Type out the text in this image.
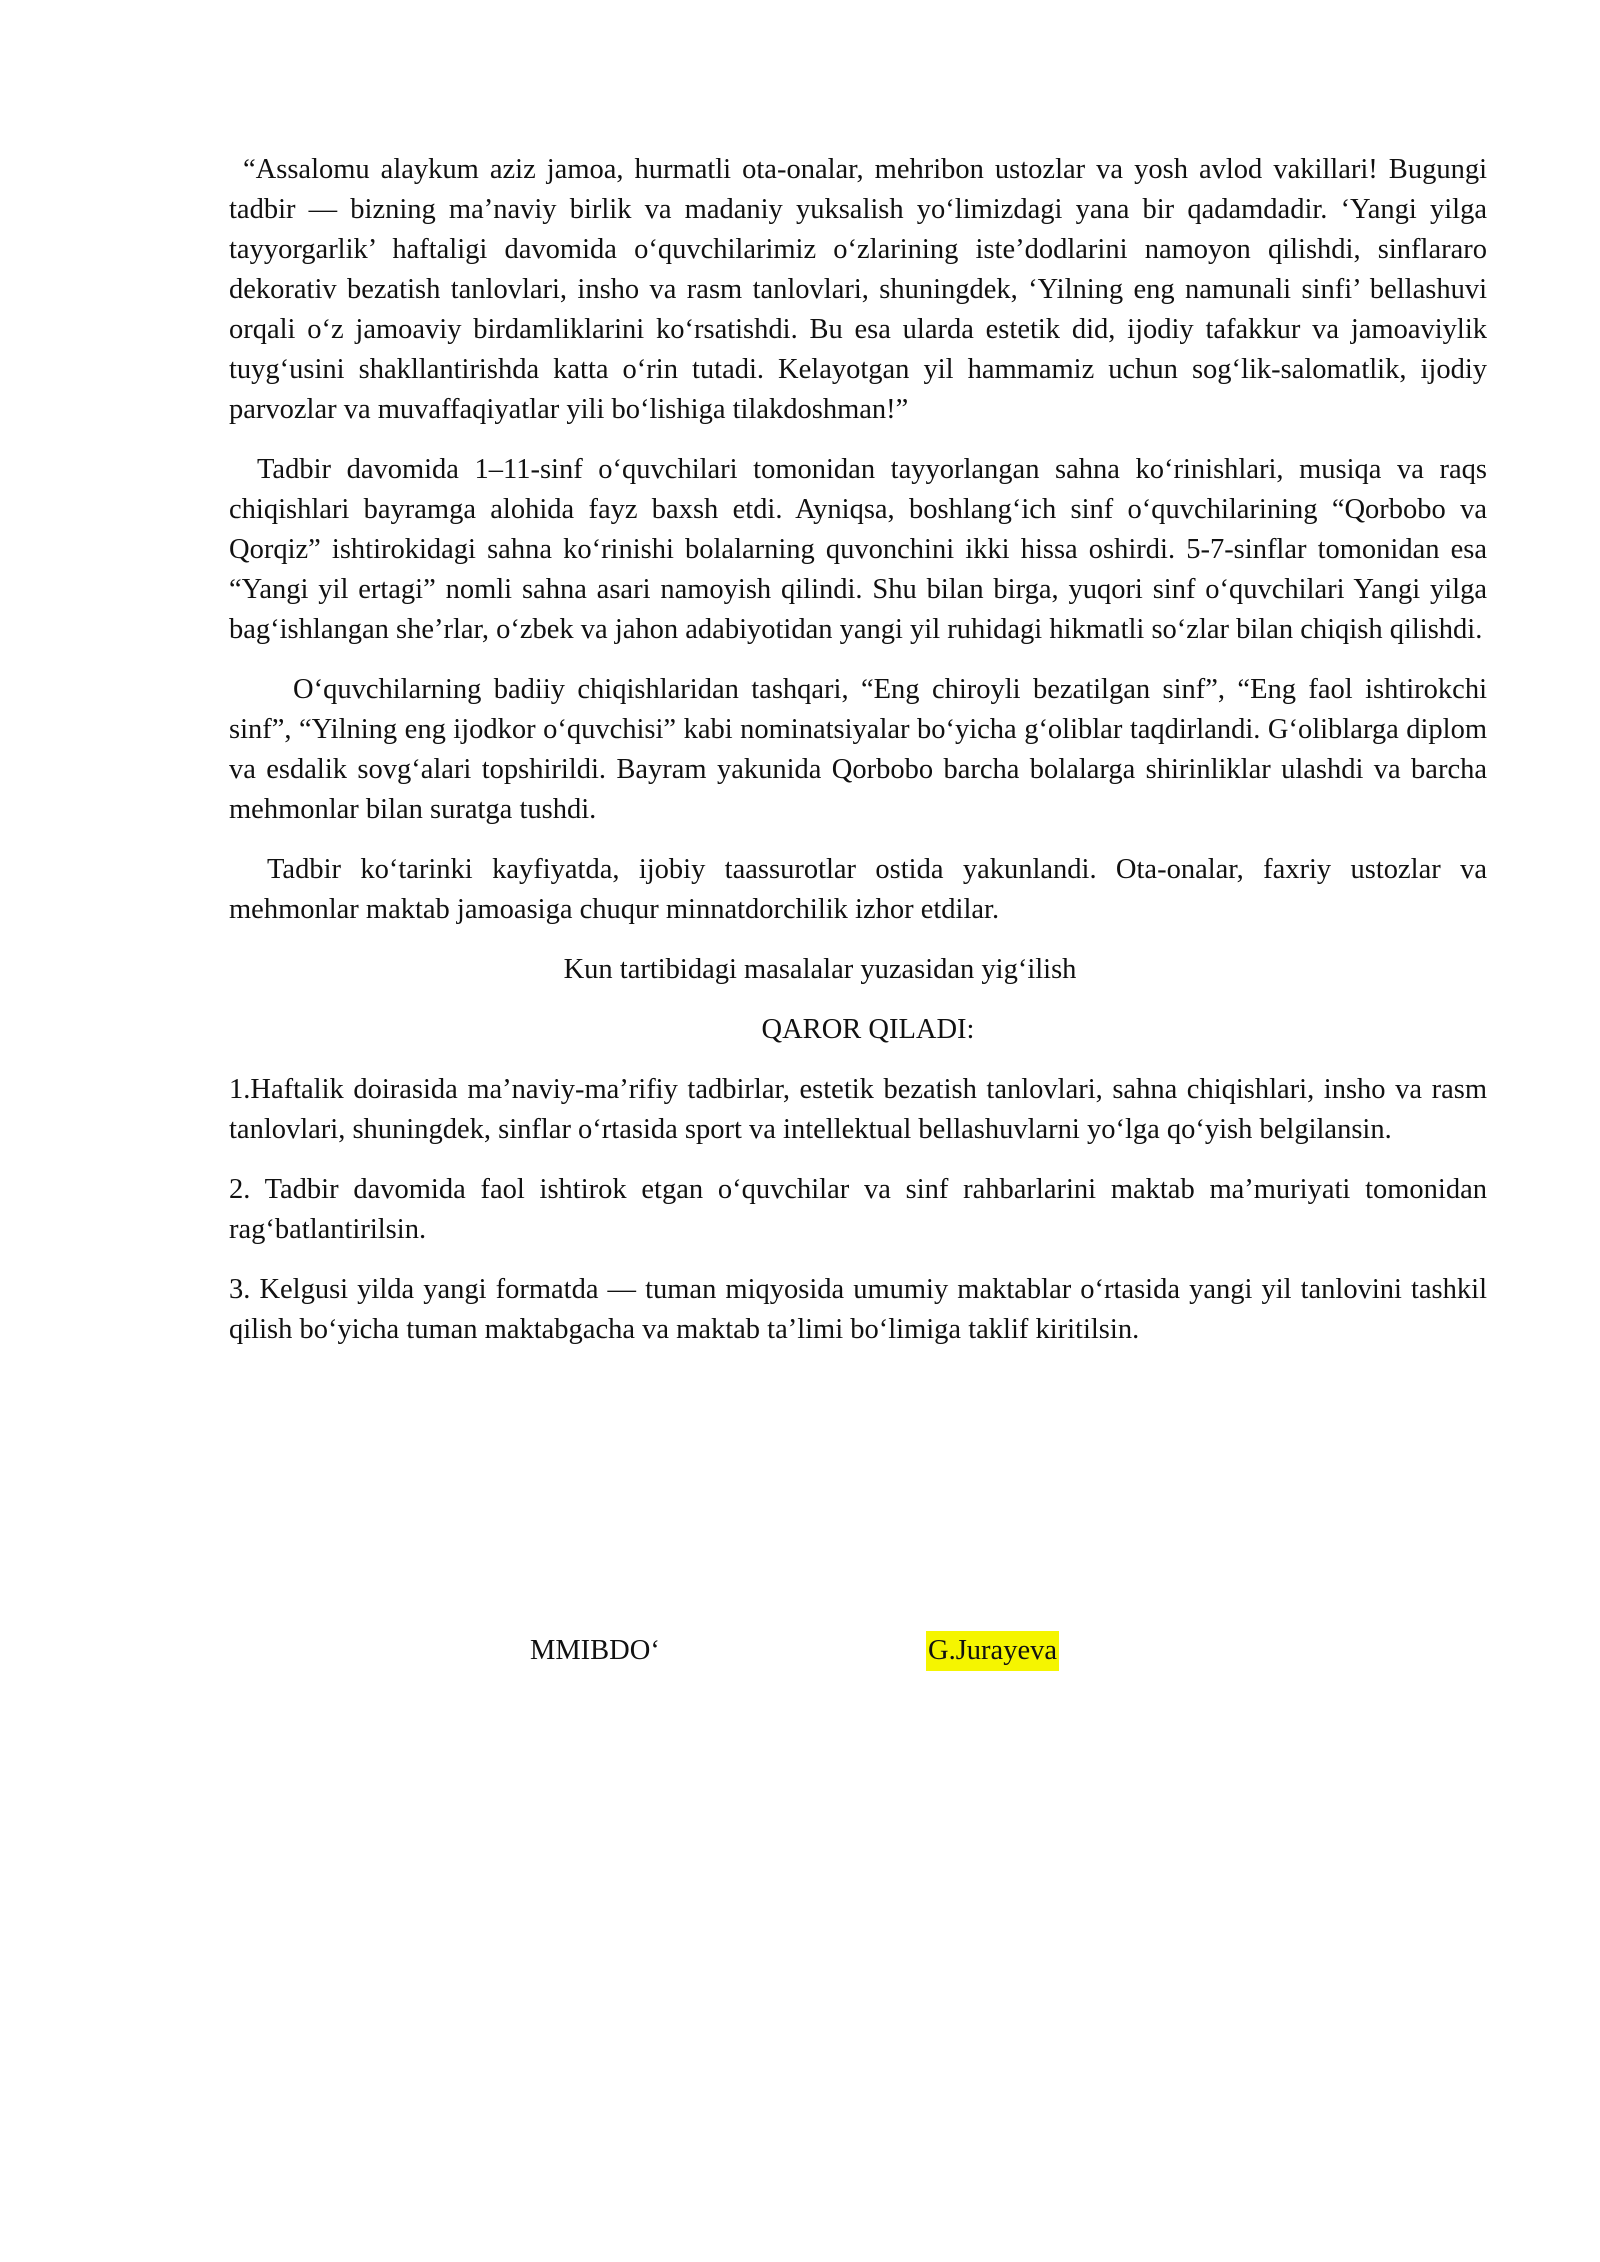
“Assalomu alaykum aziz jamoa, hurmatli ota-onalar, mehribon ustozlar va yosh avlod vakillari! Bugungi tadbir — bizning maʼnaviy birlik va madaniy yuksalish yoʻlimizdagi yana bir qadamdadir. ‘Yangi yilga tayyorgarlik’ haftaligi davomida oʻquvchilarimiz oʻzlarining isteʼdodlarini namoyon qilishdi, sinflararo dekorativ bezatish tanlovlari, insho va rasm tanlovlari, shuningdek, ‘Yilning eng namunali sinfi’ bellashuvi orqali oʻz jamoaviy birdamliklarini koʻrsatishdi. Bu esa ularda estetik did, ijodiy tafakkur va jamoaviylik tuygʻusini shakllantirishda katta oʻrin tutadi. Kelayotgan yil hammamiz uchun sogʻlik-salomatlik, ijodiy parvozlar va muvaffaqiyatlar yili boʻlishiga tilakdoshman!”

Tadbir davomida 1–11-sinf oʻquvchilari tomonidan tayyorlangan sahna koʻrinishlari, musiqa va raqs chiqishlari bayramga alohida fayz baxsh etdi. Ayniqsa, boshlangʻich sinf oʻquvchilarining “Qorbobo va Qorqiz” ishtirokidagi sahna koʻrinishi bolalarning quvonchini ikki hissa oshirdi. 5-7-sinflar tomonidan esa “Yangi yil ertagi” nomli sahna asari namoyish qilindi. Shu bilan birga, yuqori sinf oʻquvchilari Yangi yilga bagʻishlangan sheʼrlar, oʻzbek va jahon adabiyotidan yangi yil ruhidagi hikmatli soʻzlar bilan chiqish qilishdi.

Oʻquvchilarning badiiy chiqishlaridan tashqari, “Eng chiroyli bezatilgan sinf”, “Eng faol ishtirokchi sinf”, “Yilning eng ijodkor oʻquvchisi” kabi nominatsiyalar boʻyicha gʻoliblar taqdirlandi. Gʻoliblarga diplom va esdalik sovgʻalari topshirildi. Bayram yakunida Qorbobo barcha bolalarga shirinliklar ulashdi va barcha mehmonlar bilan suratga tushdi.

Tadbir koʻtarinki kayfiyatda, ijobiy taassurotlar ostida yakunlandi. Ota-onalar, faxriy ustozlar va mehmonlar maktab jamoasiga chuqur minnatdorchilik izhor etdilar.

Kun tartibidagi masalalar yuzasidan yigʻilish

QAROR QILADI:

1.Haftalik doirasida maʼnaviy-maʼrifiy tadbirlar, estetik bezatish tanlovlari, sahna chiqishlari, insho va rasm tanlovlari, shuningdek, sinflar oʻrtasida sport va intellektual bellashuvlarni yoʻlga qoʻyish belgilansin.

2. Tadbir davomida faol ishtirok etgan oʻquvchilar va sinf rahbarlarini maktab maʼmuriyati tomonidan ragʻbatlantirilsin.

3. Kelgusi yilda yangi formatda — tuman miqyosida umumiy maktablar oʻrtasida yangi yil tanlovini tashkil qilish boʻyicha tuman maktabgacha va maktab taʼlimi boʻlimiga taklif kiritilsin.

MMIBDOʻ	G.Jurayeva
